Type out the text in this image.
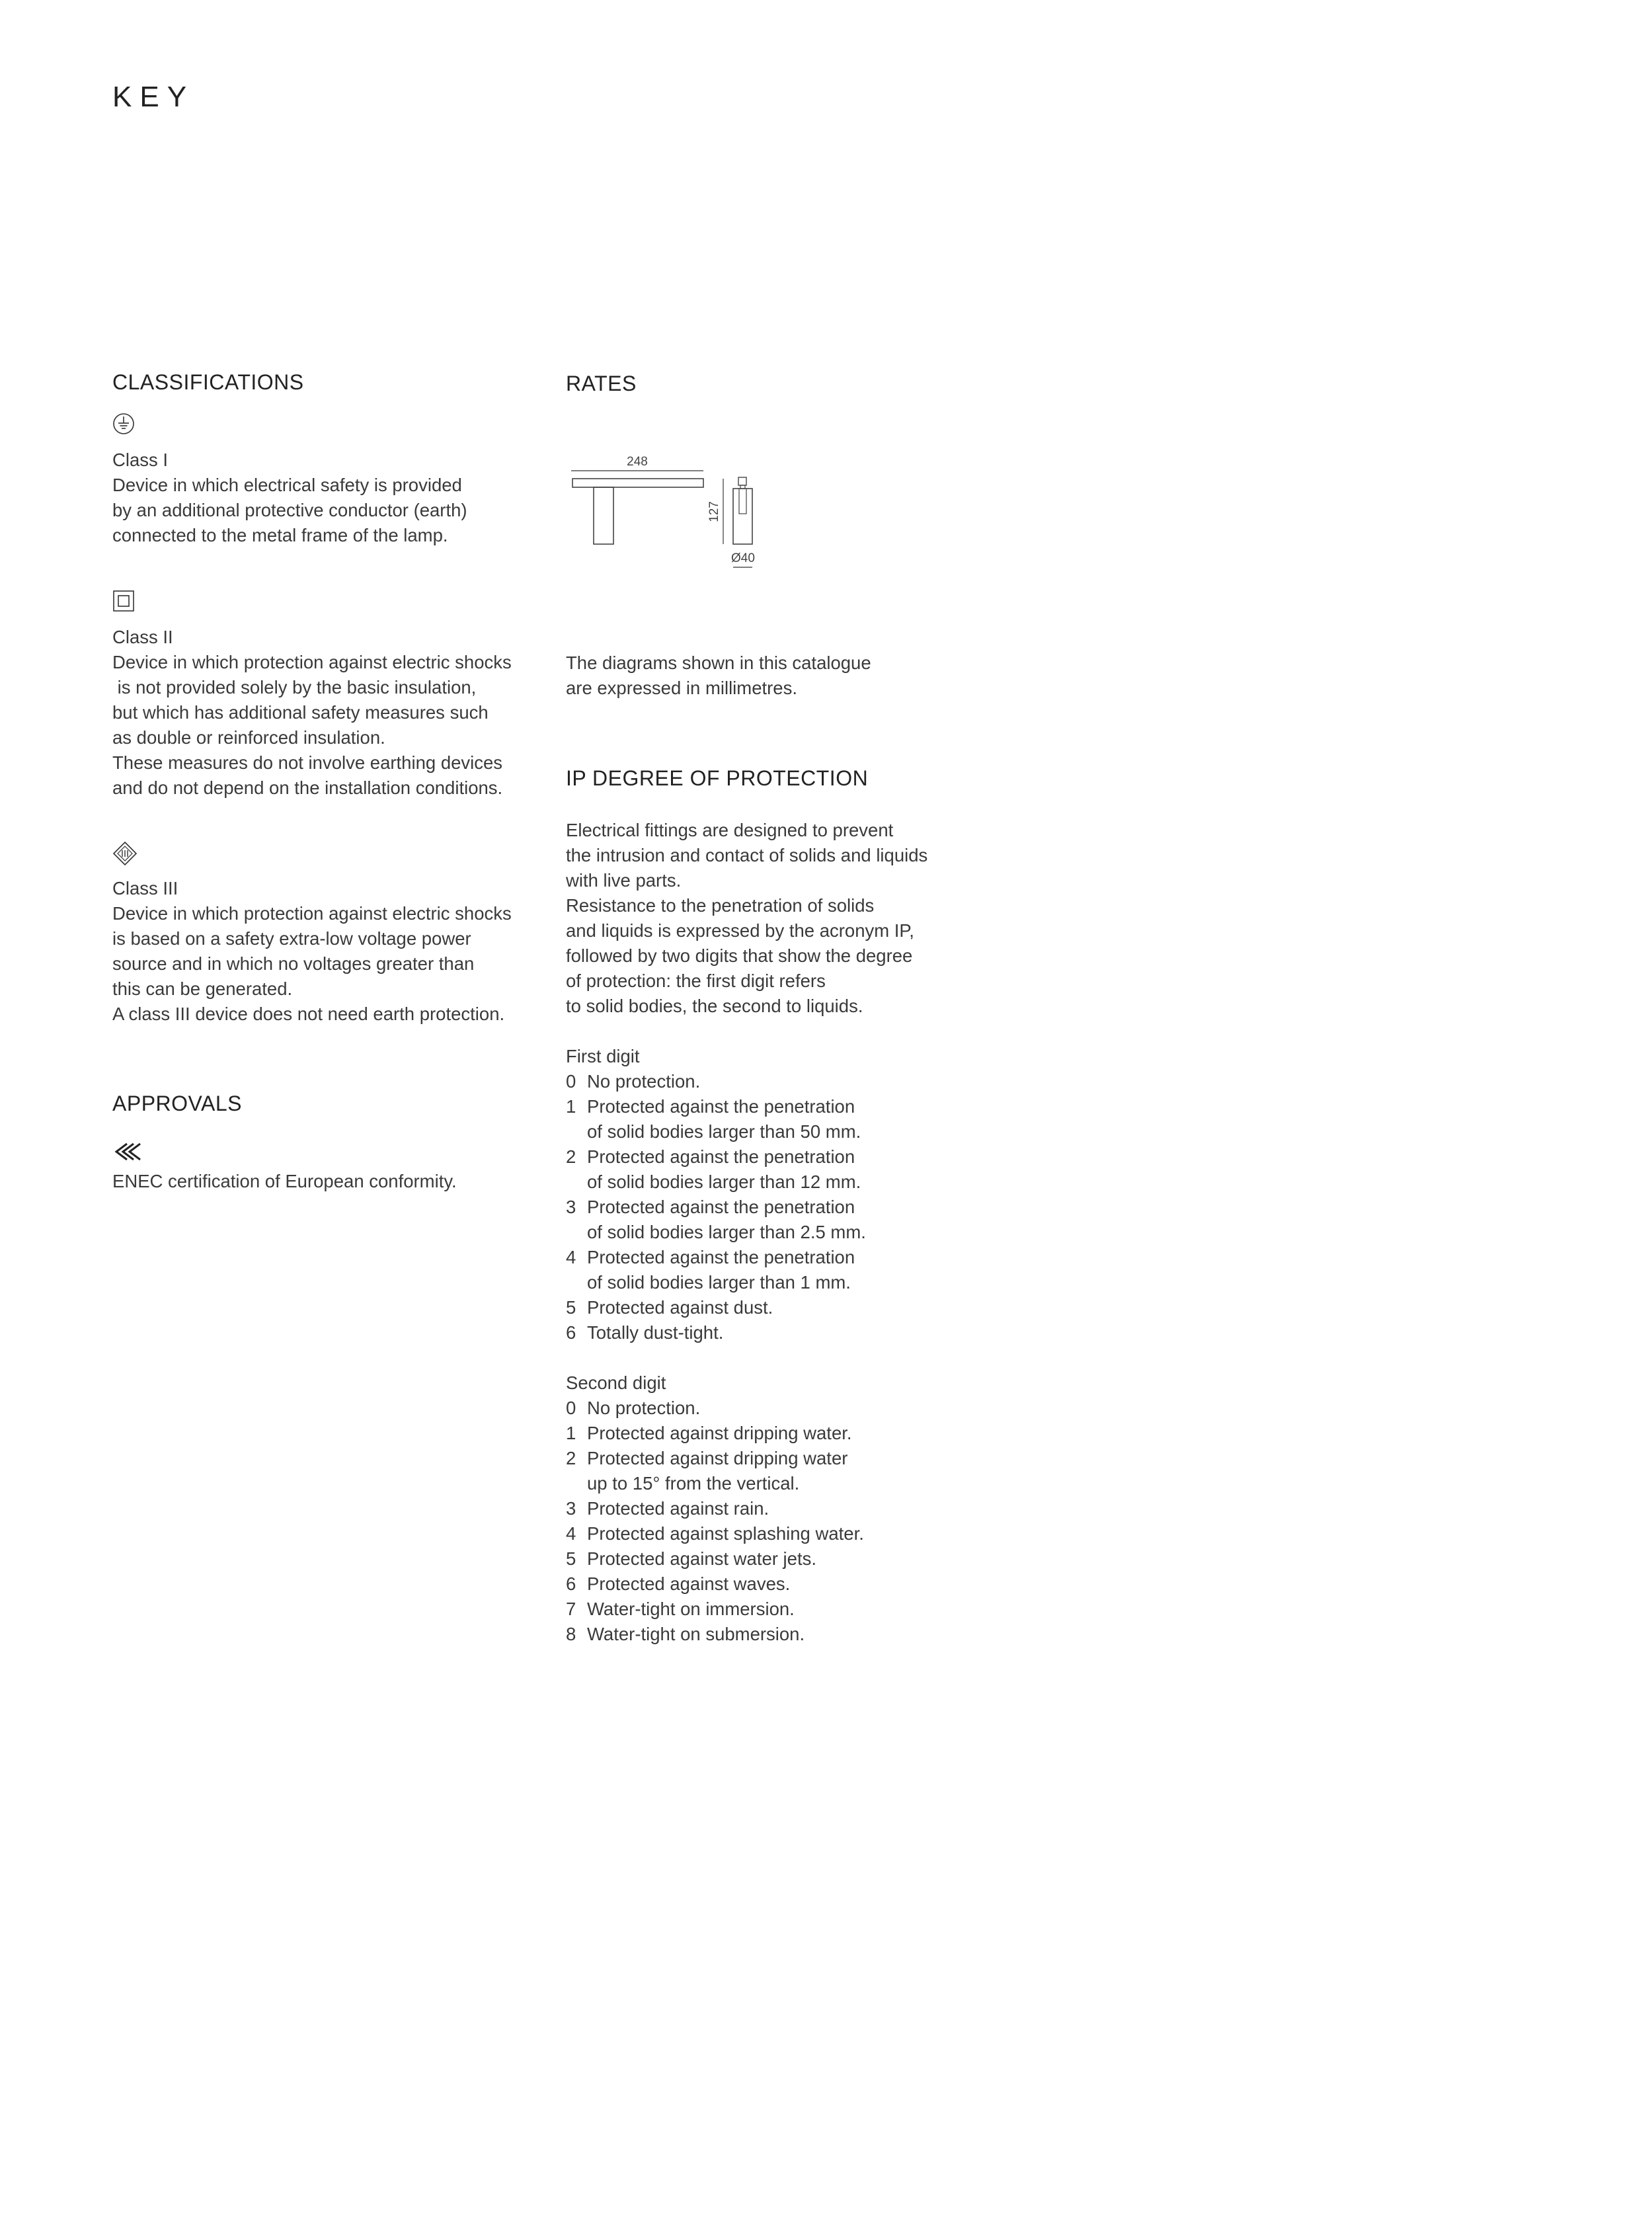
KEY
CLASSIFICATIONS
Class I
Device in which electrical safety is provided
by an additional protective conductor (earth)
connected to the metal frame of the lamp.
Class II
Device in which protection against electric shocks
is not provided solely by the basic insulation,
but which has additional safety measures such
as double or reinforced insulation.
These measures do not involve earthing devices
and do not depend on the installation conditions.
Class III
Device in which protection against electric shocks
is based on a safety extra-low voltage power
source and in which no voltages greater than
this can be generated.
A class III device does not need earth protection.
APPROVALS

ENEC certification of European conformity.

RATES
248
127
Ø40
The diagrams shown in this catalogue
are expressed in millimetres.
IP DEGREE OF PROTECTION
Electrical fittings are designed to prevent
the intrusion and contact of solids and liquids
with live parts.
Resistance to the penetration of solids
and liquids is expressed by the acronym IP,
followed by two digits that show the degree
of protection: the first digit refers
to solid bodies, the second to liquids.
First digit
0 No protection.
1 Protected against the penetration
of solid bodies larger than 50 mm.
2 Protected against the penetration
of solid bodies larger than 12 mm.
3 Protected against the penetration
of solid bodies larger than 2.5 mm.
4 Protected against the penetration
of solid bodies larger than 1 mm.
5 Protected against dust.
6 Totally dust-tight.
Second digit
0 No protection.
1 Protected against dripping water.
2 Protected against dripping water
up to 15° from the vertical.
3 Protected against rain.
4 Protected against splashing water.
5 Protected against water jets.
6 Protected against waves.
7 Water-tight on immersion.
8 Water-tight on submersion.
